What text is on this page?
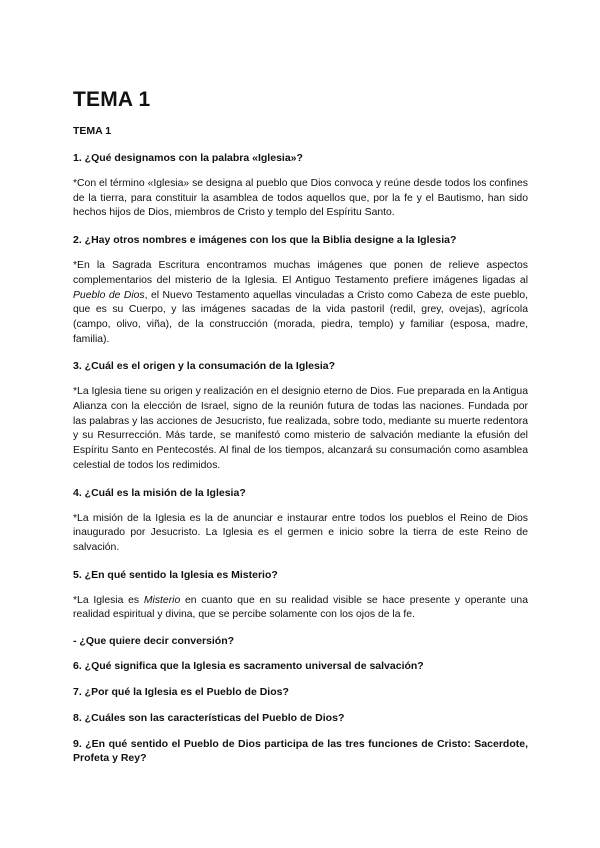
TEMA 1
TEMA 1
1. ¿Qué designamos con la palabra «Iglesia»?

*Con el término «Iglesia» se designa al pueblo que Dios convoca y reúne desde todos los confines de la tierra, para constituir la asamblea de todos aquellos que, por la fe y el Bautismo, han sido hechos hijos de Dios, miembros de Cristo y templo del Espíritu Santo.

2. ¿Hay otros nombres e imágenes con los que la Biblia designe a la Iglesia?

*En la Sagrada Escritura encontramos muchas imágenes que ponen de relieve aspectos complementarios del misterio de la Iglesia. El Antiguo Testamento prefiere imágenes ligadas al Pueblo de Dios, el Nuevo Testamento aquellas vinculadas a Cristo como Cabeza de este pueblo, que es su Cuerpo, y las imágenes sacadas de la vida pastoril (redil, grey, ovejas), agrícola (campo, olivo, viña), de la construcción (morada, piedra, templo) y familiar (esposa, madre, familia).

3. ¿Cuál es el origen y la consumación de la Iglesia?

*La Iglesia tiene su origen y realización en el designio eterno de Dios. Fue preparada en la Antigua Alianza con la elección de Israel, signo de la reunión futura de todas las naciones. Fundada por las palabras y las acciones de Jesucristo, fue realizada, sobre todo, mediante su muerte redentora y su Resurrección. Más tarde, se manifestó como misterio de salvación mediante la efusión del Espíritu Santo en Pentecostés. Al final de los tiempos, alcanzará su consumación como asamblea celestial de todos los redimidos.

4. ¿Cuál es la misión de la Iglesia?

*La misión de la Iglesia es la de anunciar e instaurar entre todos los pueblos el Reino de Dios inaugurado por Jesucristo. La Iglesia es el germen e inicio sobre la tierra de este Reino de salvación.

5. ¿En qué sentido la Iglesia es Misterio?

*La Iglesia es Misterio en cuanto que en su realidad visible se hace presente y operante una realidad espiritual y divina, que se percibe solamente con los ojos de la fe.

- ¿Que quiere decir conversión?
6. ¿Qué significa que la Iglesia es sacramento universal de salvación?
7. ¿Por qué la Iglesia es el Pueblo de Dios?
8. ¿Cuáles son las características del Pueblo de Dios?
9. ¿En qué sentido el Pueblo de Dios participa de las tres funciones de Cristo: Sacerdote, Profeta y Rey?
